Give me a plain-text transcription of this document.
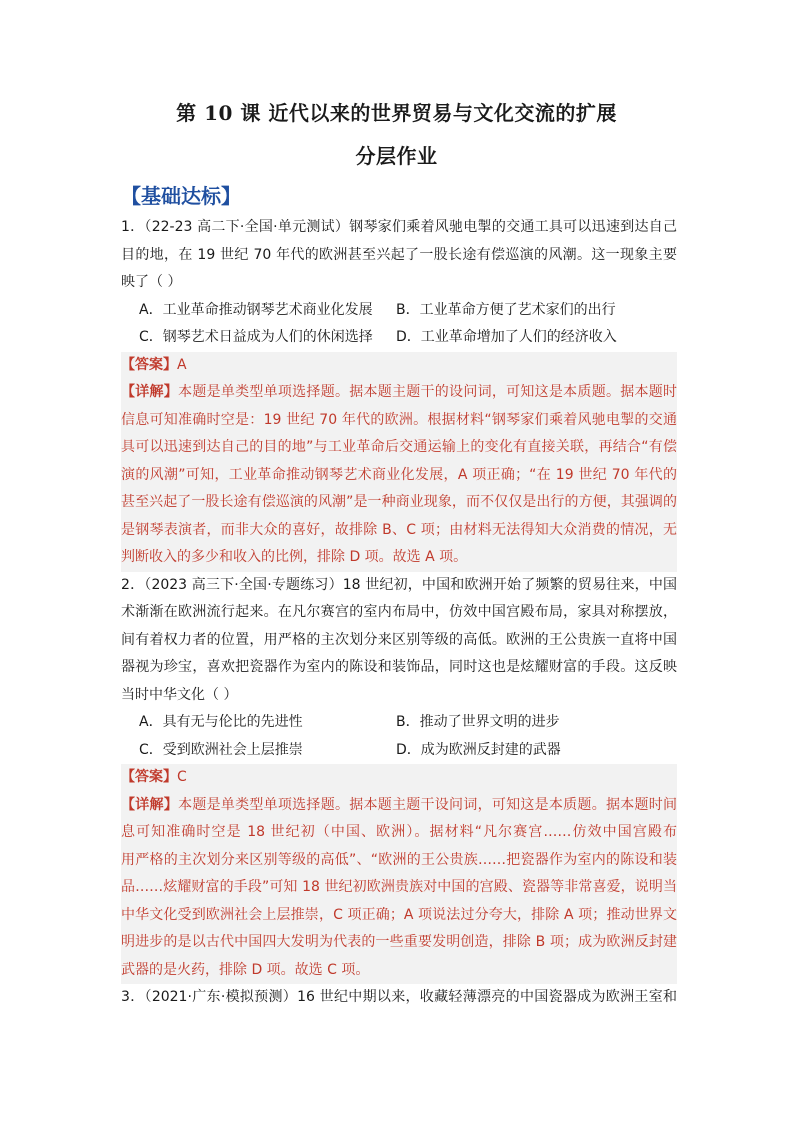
第 10 课 近代以来的世界贸易与文化交流的扩展
分层作业
【基础达标】
1．（22-23 高二下·全国·单元测试）钢琴家们乘着风驰电掣的交通工具可以迅速到达自己
目的地，在 19 世纪 70 年代的欧洲甚至兴起了一股长途有偿巡演的风潮。这一现象主要
映了（ ）
A．工业革命推动钢琴艺术商业化发展 B．工业革命方便了艺术家们的出行
C．钢琴艺术日益成为人们的休闲选择 D．工业革命增加了人们的经济收入
【答案】A
【详解】本题是单类型单项选择题。据本题主题干的设问词，可知这是本质题。据本题时
信息可知准确时空是：19 世纪 70 年代的欧洲。根据材料“钢琴家们乘着风驰电掣的交通
具可以迅速到达自己的目的地”与工业革命后交通运输上的变化有直接关联，再结合“有偿
演的风潮”可知，工业革命推动钢琴艺术商业化发展，A 项正确；“在 19 世纪 70 年代的
甚至兴起了一股长途有偿巡演的风潮”是一种商业现象，而不仅仅是出行的方便，其强调的
是钢琴表演者，而非大众的喜好，故排除 B、C 项；由材料无法得知大众消费的情况，无
判断收入的多少和收入的比例，排除 D 项。故选 A 项。
2．（2023 高三下·全国·专题练习）18 世纪初，中国和欧洲开始了频繁的贸易往来，中国
术渐渐在欧洲流行起来。在凡尔赛宫的室内布局中，仿效中国宫殿布局，家具对称摆放，
间有着权力者的位置，用严格的主次划分来区别等级的高低。欧洲的王公贵族一直将中国
器视为珍宝，喜欢把瓷器作为室内的陈设和装饰品，同时这也是炫耀财富的手段。这反映
当时中华文化（ ）
A．具有无与伦比的先进性	B．推动了世界文明的进步
C．受到欧洲社会上层推崇	D．成为欧洲反封建的武器
【答案】C
【详解】本题是单类型单项选择题。据本题主题干设问词，可知这是本质题。据本题时间
息可知准确时空是 18 世纪初（中国、欧洲）。据材料“凡尔赛宫……仿效中国宫殿布
用严格的主次划分来区别等级的高低”、“欧洲的王公贵族……把瓷器作为室内的陈设和装
品……炫耀财富的手段”可知 18 世纪初欧洲贵族对中国的宫殿、瓷器等非常喜爱，说明当
中华文化受到欧洲社会上层推崇，C 项正确；A 项说法过分夸大，排除 A 项；推动世界文
明进步的是以古代中国四大发明为代表的一些重要发明创造，排除 B 项；成为欧洲反封建
武器的是火药，排除 D 项。故选 C 项。
3．（2021·广东·模拟预测）16 世纪中期以来，收藏轻薄漂亮的中国瓷器成为欧洲王室和
